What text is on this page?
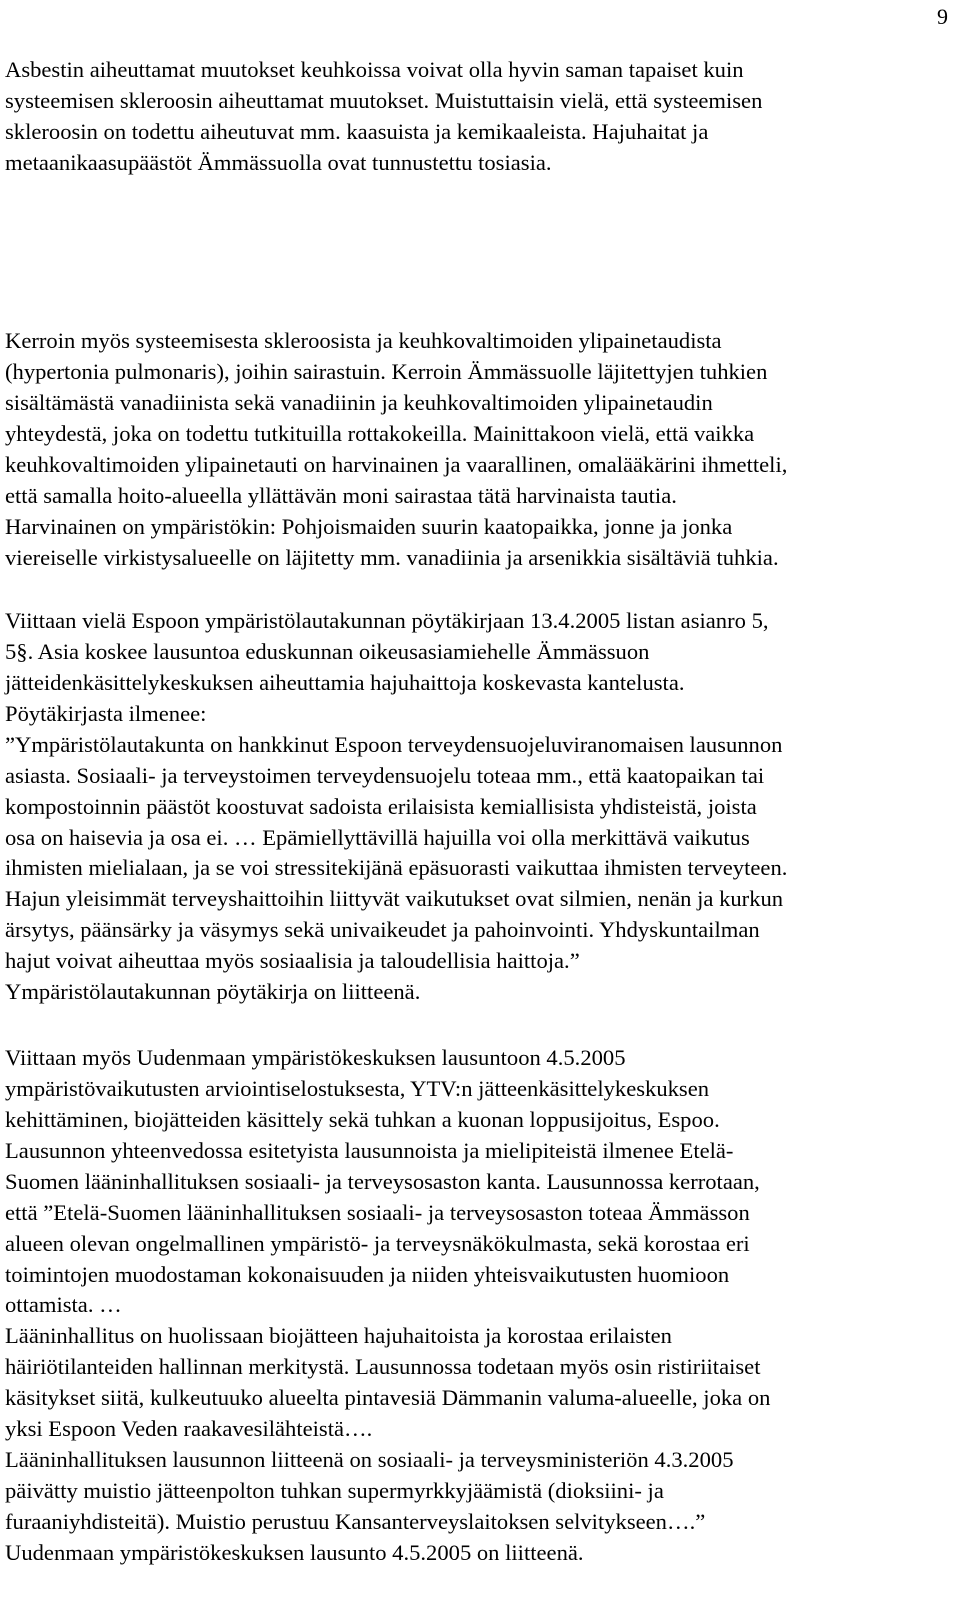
9
Asbestin aiheuttamat muutokset keuhkoissa voivat olla hyvin saman tapaiset kuin
systeemisen skleroosin aiheuttamat muutokset. Muistuttaisin vielä, että systeemisen
skleroosin on todettu aiheutuvat mm. kaasuista ja kemikaaleista. Hajuhaitat ja
metaanikaasupäästöt Ämmässuolla ovat tunnustettu tosiasia.
Kerroin myös systeemisesta skleroosista ja keuhkovaltimoiden ylipainetaudista
(hypertonia pulmonaris), joihin sairastuin. Kerroin Ämmässuolle läjitettyjen tuhkien
sisältämästä vanadiinista sekä vanadiinin ja keuhkovaltimoiden ylipainetaudin
yhteydestä, joka on todettu tutkituilla rottakokeilla. Mainittakoon vielä, että vaikka
keuhkovaltimoiden ylipainetauti on harvinainen ja vaarallinen, omalääkärini ihmetteli,
että samalla hoito-alueella yllättävän moni sairastaa tätä harvinaista tautia.
Harvinainen on ympäristökin: Pohjoismaiden suurin kaatopaikka, jonne ja jonka
viereiselle virkistysalueelle on läjitetty mm. vanadiinia ja arsenikkia sisältäviä tuhkia.
Viittaan vielä Espoon ympäristölautakunnan pöytäkirjaan 13.4.2005 listan asianro 5,
5§. Asia koskee lausuntoa eduskunnan oikeusasiamiehelle Ämmässuon
jätteidenkäsittelykeskuksen aiheuttamia hajuhaittoja koskevasta kantelusta.
Pöytäkirjasta ilmenee:
”Ympäristölautakunta on hankkinut Espoon terveydensuojeluviranomaisen lausunnon
asiasta. Sosiaali- ja terveystoimen terveydensuojelu toteaa mm., että kaatopaikan tai
kompostoinnin päästöt koostuvat sadoista erilaisista kemiallisista yhdisteistä, joista
osa on haisevia ja osa ei. … Epämiellyttävillä hajuilla voi olla merkittävä vaikutus
ihmisten mielialaan, ja se voi stressitekijänä epäsuorasti vaikuttaa ihmisten terveyteen.
Hajun yleisimmät terveyshaittoihin liittyvät vaikutukset ovat silmien, nenän ja kurkun
ärsytys, päänsärky ja väsymys sekä univaikeudet ja pahoinvointi. Yhdyskuntailman
hajut voivat aiheuttaa myös sosiaalisia ja taloudellisia haittoja.”
Ympäristölautakunnan pöytäkirja on liitteenä.
Viittaan myös Uudenmaan ympäristökeskuksen lausuntoon 4.5.2005
ympäristövaikutusten arviointiselostuksesta, YTV:n jätteenkäsittelykeskuksen
kehittäminen, biojätteiden käsittely sekä tuhkan a kuonan loppusijoitus, Espoo.
Lausunnon yhteenvedossa esitetyista lausunnoista ja mielipiteistä ilmenee Etelä-
Suomen lääninhallituksen sosiaali- ja terveysosaston kanta. Lausunnossa kerrotaan,
että ”Etelä-Suomen lääninhallituksen sosiaali- ja terveysosaston toteaa Ämmässon
alueen olevan ongelmallinen ympäristö- ja terveysnäkökulmasta, sekä korostaa eri
toimintojen muodostaman kokonaisuuden ja niiden yhteisvaikutusten huomioon
ottamista. …
Lääninhallitus on huolissaan biojätteen hajuhaitoista ja korostaa erilaisten
häiriötilanteiden hallinnan merkitystä. Lausunnossa todetaan myös osin ristiriitaiset
käsitykset siitä, kulkeutuuko alueelta pintavesiä Dämmanin valuma-alueelle, joka on
yksi Espoon Veden raakavesilähteistä….
Lääninhallituksen lausunnon liitteenä on sosiaali- ja terveysministeriön 4.3.2005
päivätty muistio jätteenpolton tuhkan supermyrkkyjäämistä (dioksiini- ja
furaaniyhdisteitä). Muistio perustuu Kansanterveyslaitoksen selvitykseen….”
Uudenmaan ympäristökeskuksen lausunto 4.5.2005 on liitteenä.
